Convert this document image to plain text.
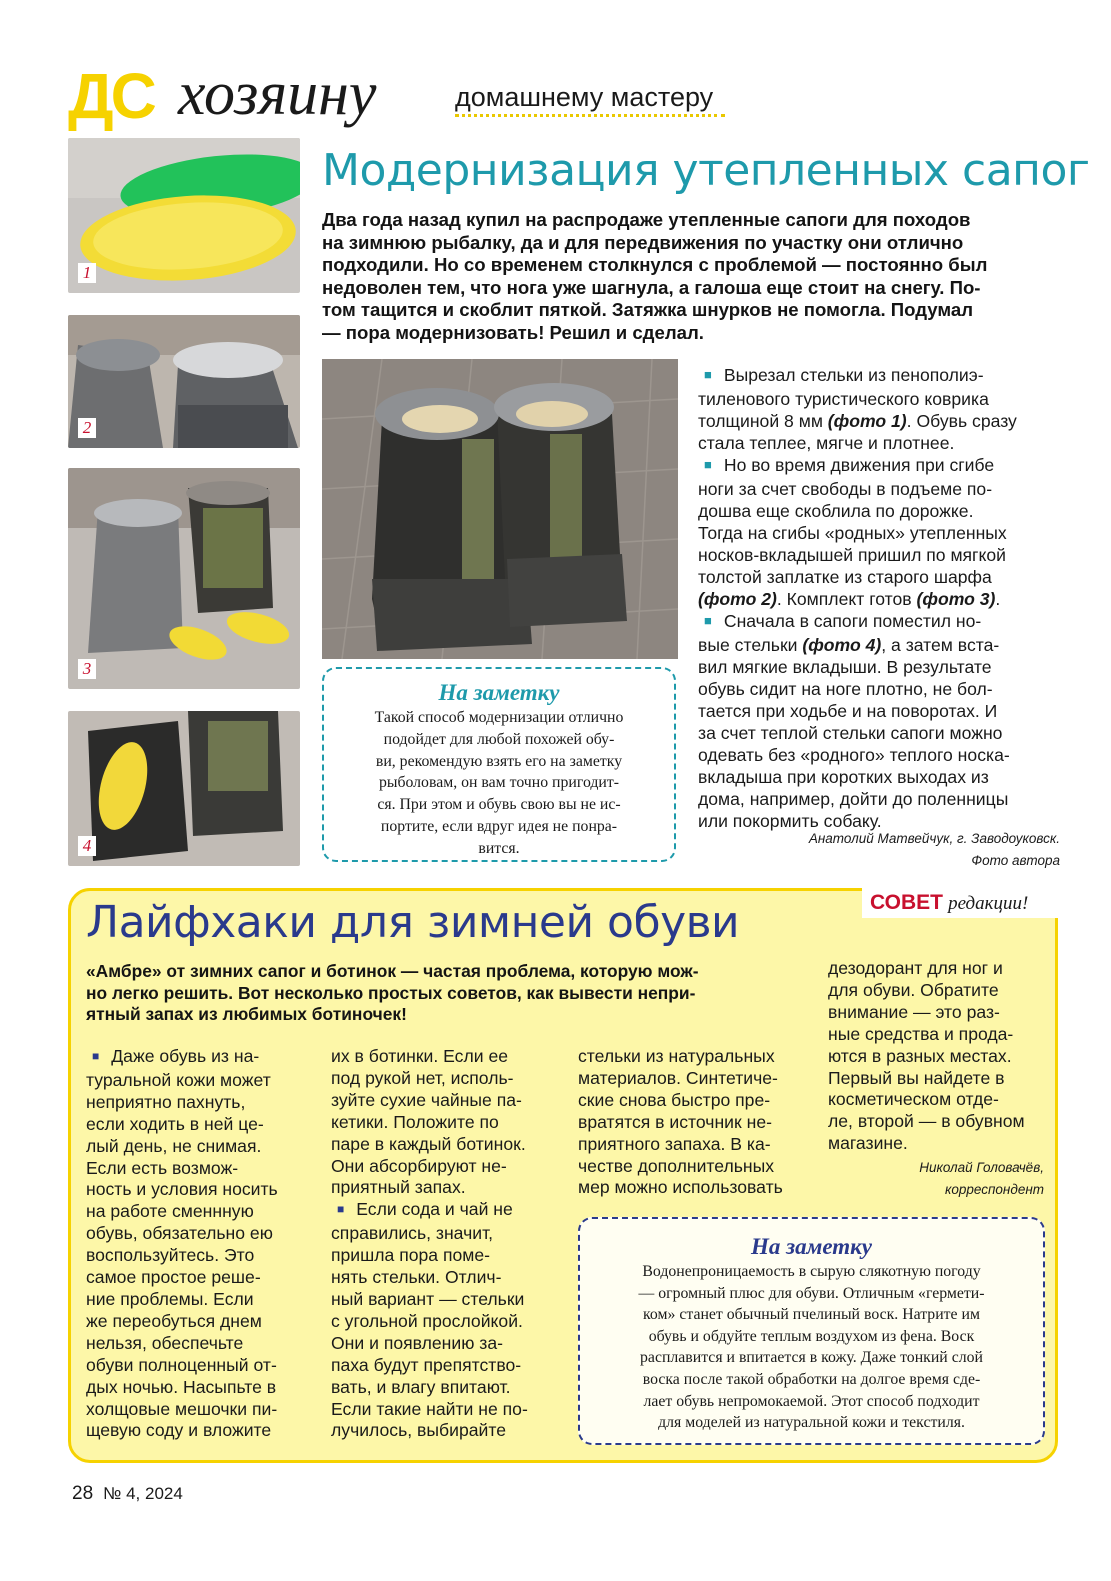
ДС хозяину	домашнему мастеру
1
2
3
4
Модернизация утепленных сапог
Два года назад купил на распродаже утепленные сапоги для походов
на зимнюю рыбалку, да и для передвижения по участку они отлично
подходили. Но со временем столкнулся с проблемой — постоянно был
недоволен тем, что нога уже шагнула, а галоша еще стоит на снегу. По-
том тащится и скоблит пяткой. Затяжка шнурков не помогла. Подумал
— пора модернизовать! Решил и сделал.
На заметку
Такой способ модернизации отлично
подойдет для любой похожей обу-
ви, рекомендую взять его на заметку
рыболовам, он вам точно пригодит-
ся. При этом и обувь свою вы не ис-
портите, если вдруг идея не понра-
вится.

■ Вырезал стельки из пенополиэ-

тиленового туристического коврика

толщиной 8 мм (фото 1). Обувь сразу

стала теплее, мягче и плотнее.

■ Но во время движения при сгибе

ноги за счет свободы в подъеме по-

дошва еще скоблила по дорожке.

Тогда на сгибы «родных» утепленных

носков-вкладышей пришил по мягкой

толстой заплатке из старого шарфа

(фото 2). Комплект готов (фото 3).

■ Сначала в сапоги поместил но-

вые стельки (фото 4), а затем вста-

вил мягкие вкладыши. В результате

обувь сидит на ноге плотно, не бол-

тается при ходьбе и на поворотах. И

за счет теплой стельки сапоги можно

одевать без «родного» теплого носка-

вкладыша при коротких выходах из

дома, например, дойти до поленницы

или покормить собаку.

Анатолий Матвейчук, г. Заводоуковск.
Фото автора
СОВЕТ редакции!
Лайфхаки для зимней обуви
«Амбре» от зимних сапог и ботинок — частая проблема, которую мож-
но легко решить. Вот несколько простых советов, как вывести непри-
ятный запах из любимых ботиночек!

■ Даже обувь из на-

туральной кожи может

неприятно пахнуть,

если ходить в ней це-

лый день, не снимая.

Если есть возмож-

ность и условия носить

на работе сменнную

обувь, обязательно ею

воспользуйтесь. Это

самое простое реше-

ние проблемы. Если

же переобуться днем

нельзя, обеспечьте

обуви полноценный от-

дых ночью. Насыпьте в

холщовые мешочки пи-

щевую соду и вложите

их в ботинки. Если ее

под рукой нет, исполь-

зуйте сухие чайные па-

кетики. Положите по

паре в каждый ботинок.

Они абсорбируют не-

приятный запах.

■ Если сода и чай не

справились, значит,

пришла пора поме-

нять стельки. Отлич-

ный вариант — стельки

с угольной прослойкой.

Они и появлению за-

паха будут препятство-

вать, и влагу впитают.

Если такие найти не по-

лучилось, выбирайте

стельки из натуральных

материалов. Синтетиче-

ские снова быстро пре-

вратятся в источник не-

приятного запаха. В ка-

честве дополнительных

мер можно использовать

дезодорант для ног и

для обуви. Обратите

внимание — это раз-

ные средства и прода-

ются в разных местах.

Первый вы найдете в

косметическом отде-

ле, второй — в обувном

магазине.

Николай Головачёв,
корреспондент
На заметку
Водонепроницаемость в сырую слякотную погоду
— огромный плюс для обуви. Отличным «гермети-
ком» станет обычный пчелиный воск. Натрите им
обувь и обдуйте теплым воздухом из фена. Воск
расплавится и впитается в кожу. Даже тонкий слой
воска после такой обработки на долгое время сде-
лает обувь непромокаемой. Этот способ подходит
для моделей из натуральной кожи и текстиля.
28 № 4, 2024
